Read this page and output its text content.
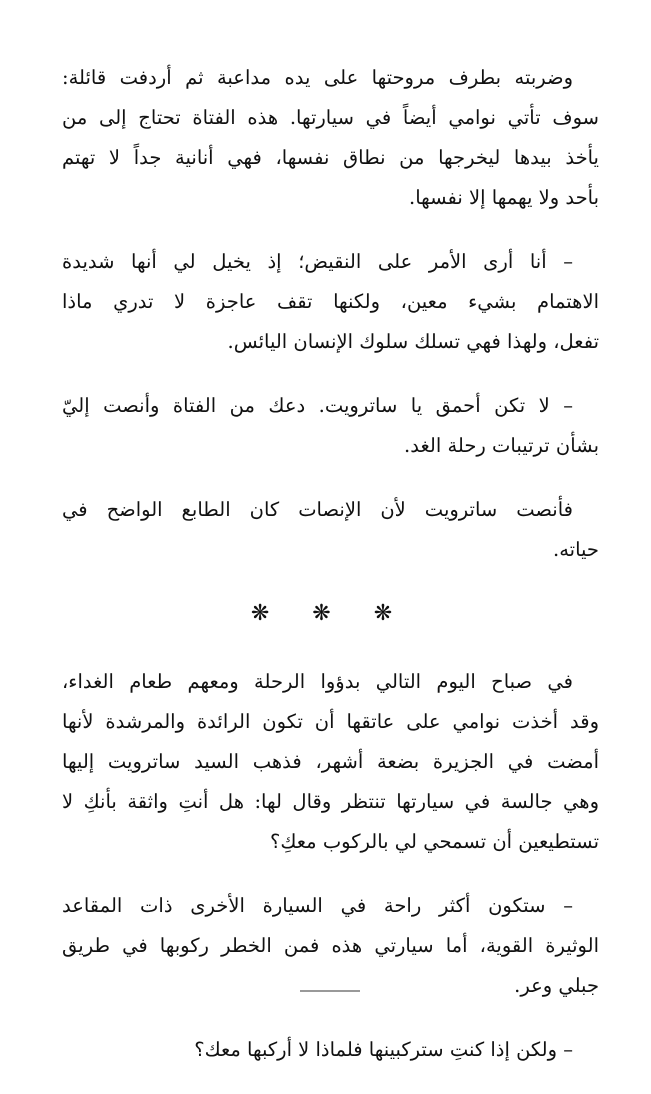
وضربته بطرف مروحتها على يده مداعبة ثم أردفت قائلة:
سوف تأتي نوامي أيضاً في سيارتها. هذه الفتاة تحتاج إلى من
يأخذ بيدها ليخرجها من نطاق نفسها، فهي أنانية جداً لا تهتم
بأحد ولا يهمها إلا نفسها.

– أنا أرى الأمر على النقيض؛ إذ يخيل لي أنها شديدة
الاهتمام بشيء معين، ولكنها تقف عاجزة لا تدري ماذا
تفعل، ولهذا فهي تسلك سلوك الإنسان اليائس.

– لا تكن أحمق يا ساترويت. دعك من الفتاة وأنصت إليّ
بشأن ترتيبات رحلة الغد.

فأنصت ساترويت لأن الإنصات كان الطابع الواضح في
حياته.

❋ ❋ ❋

في صباح اليوم التالي بدؤوا الرحلة ومعهم طعام الغداء،
وقد أخذت نوامي على عاتقها أن تكون الرائدة والمرشدة لأنها
أمضت في الجزيرة بضعة أشهر، فذهب السيد ساترويت إليها
وهي جالسة في سيارتها تنتظر وقال لها: هل أنتِ واثقة بأنكِ لا
تستطيعين أن تسمحي لي بالركوب معكِ؟

– ستكون أكثر راحة في السيارة الأخرى ذات المقاعد
الوثيرة القوية، أما سيارتي هذه فمن الخطر ركوبها في طريق
جبلي وعر.

– ولكن إذا كنتِ ستركبينها فلماذا لا أركبها معك؟
